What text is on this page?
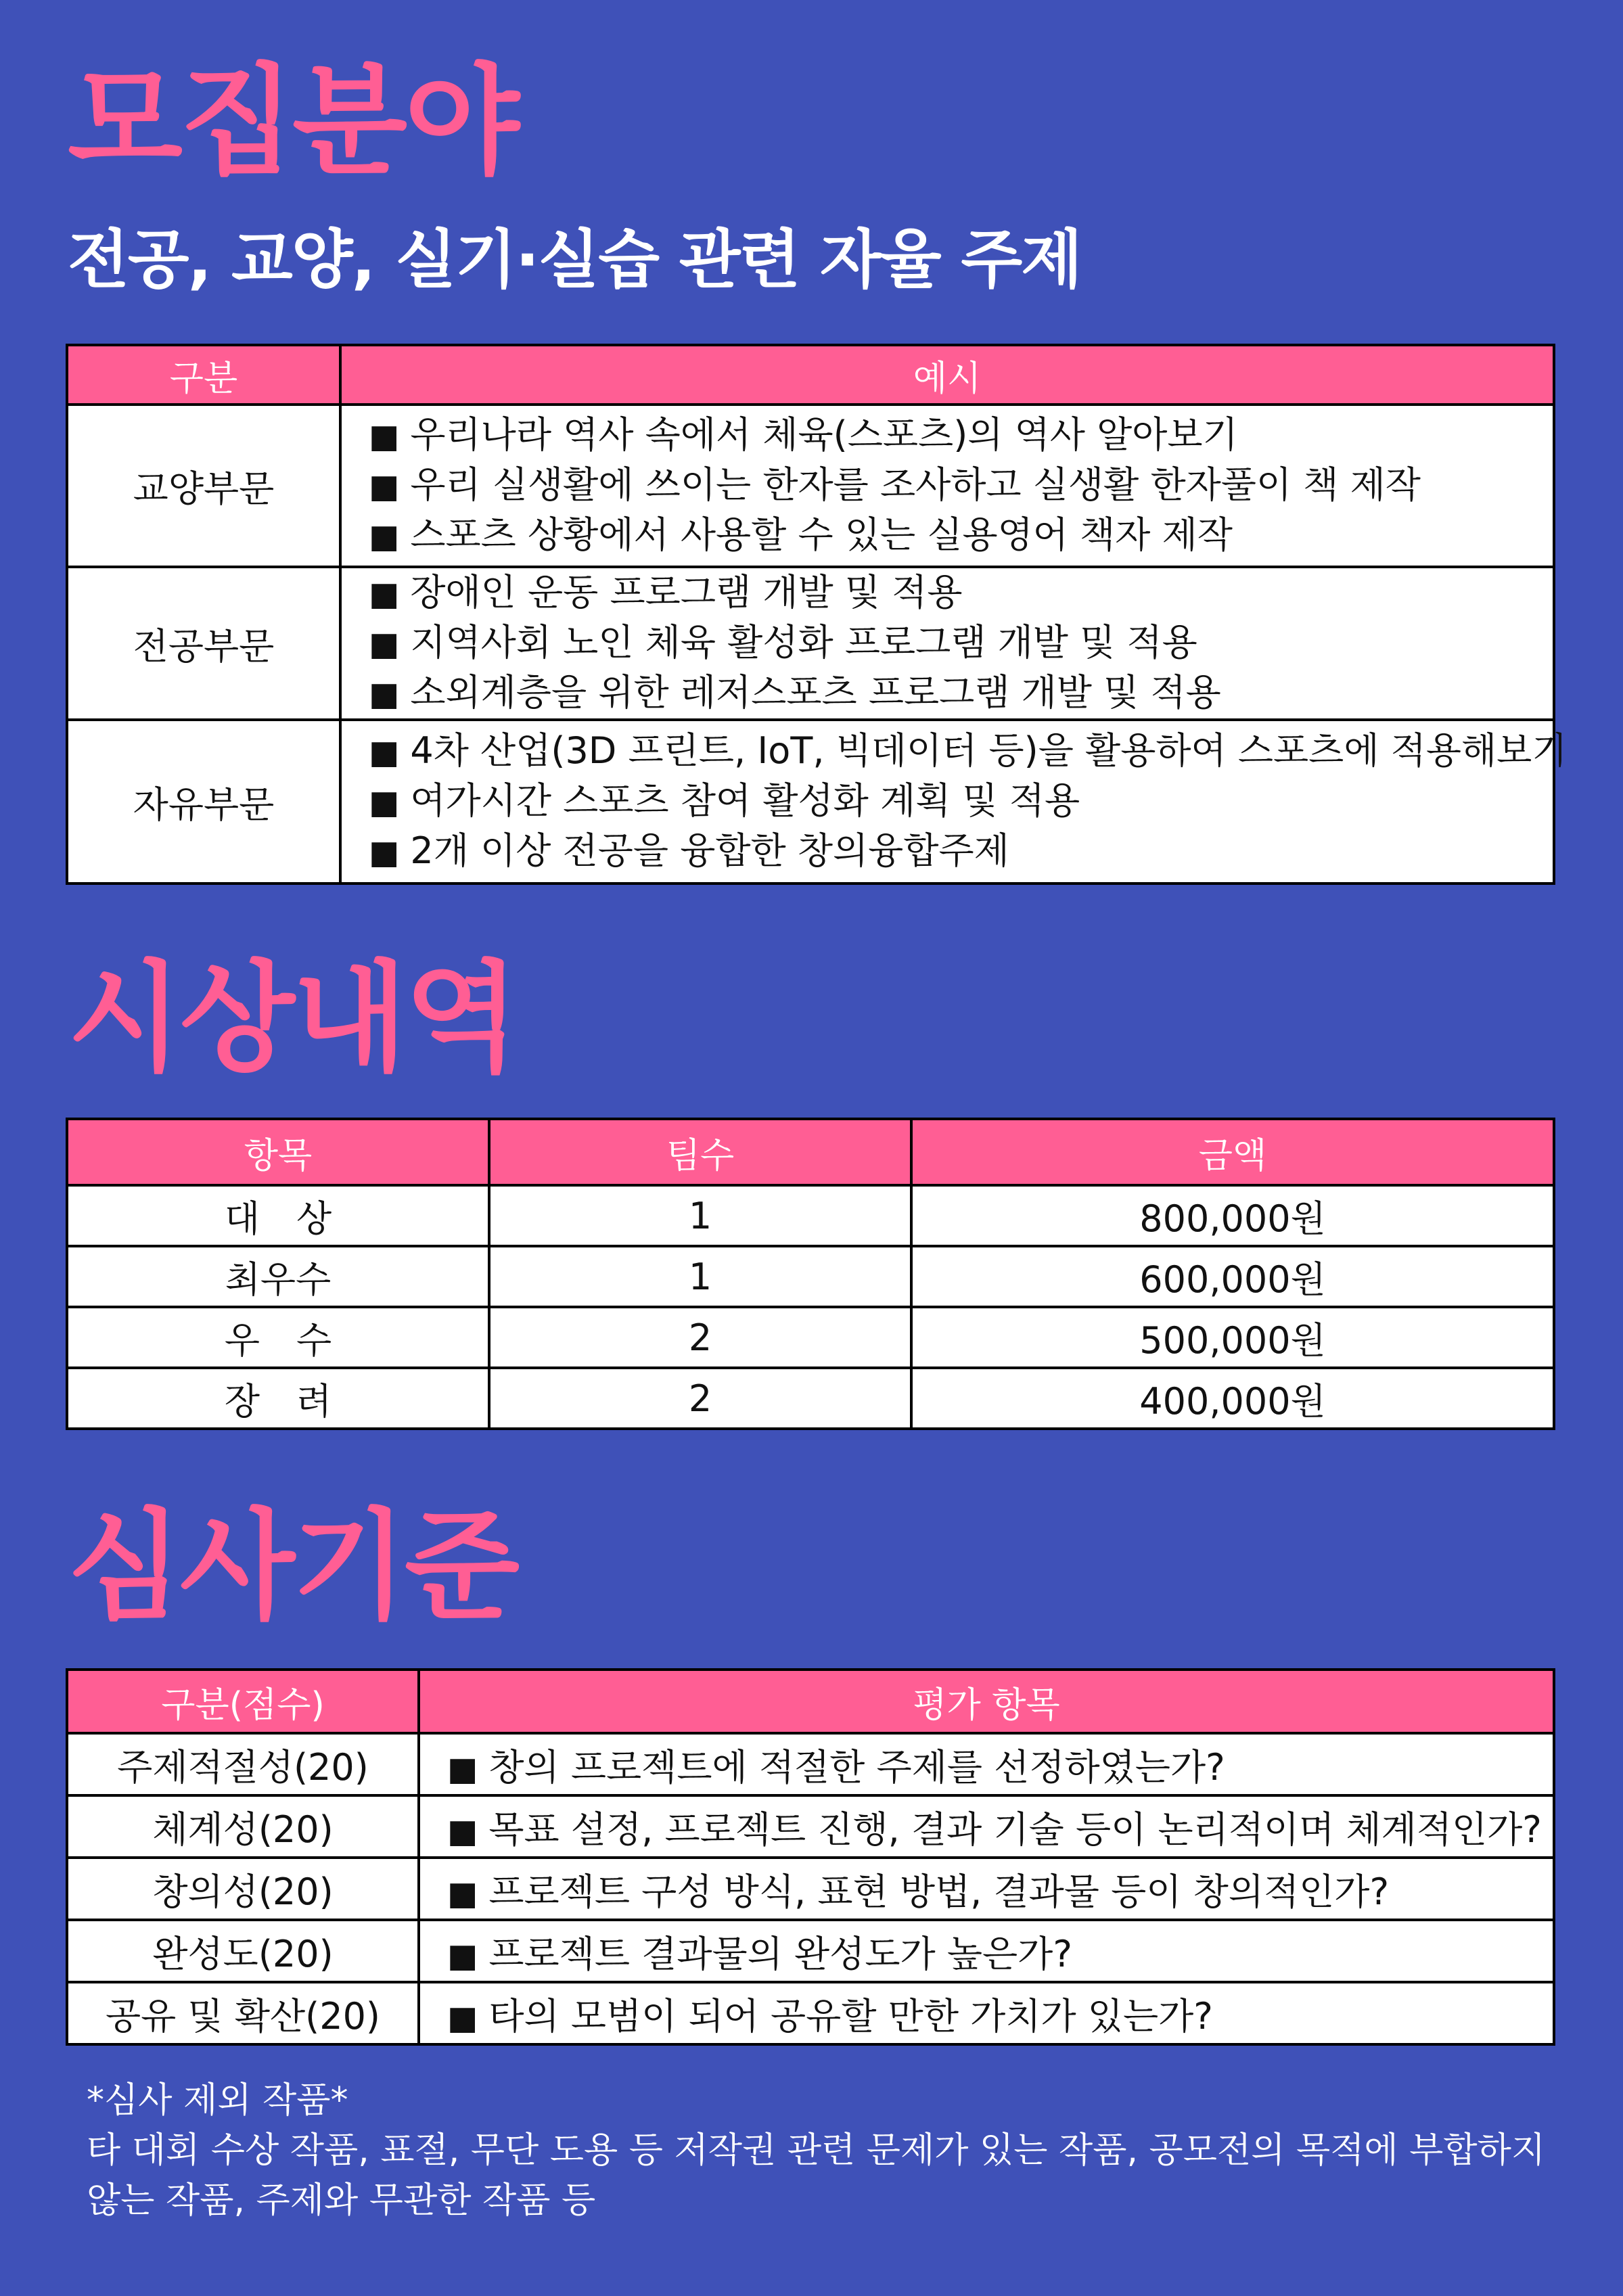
모집분야
전공, 교양, 실기·실습 관련 자율 주제
구분	예시
교양부문	■ 우리나라 역사 속에서 체육(스포츠)의 역사 알아보기
■ 우리 실생활에 쓰이는 한자를 조사하고 실생활 한자풀이 책 제작
■ 스포츠 상황에서 사용할 수 있는 실용영어 책자 제작

전공부문	■ 장애인 운동 프로그램 개발 및 적용
■ 지역사회 노인 체육 활성화 프로그램 개발 및 적용
■ 소외계층을 위한 레저스포츠 프로그램 개발 및 적용

자유부문	■ 4차 산업(3D 프린트, IoT, 빅데이터 등)을 활용하여 스포츠에 적용해보기
■ 여가시간 스포츠 참여 활성화 계획 및 적용
■ 2개 이상 전공을 융합한 창의융합주제
시상내역
항목	팀수	금액
대　상	1	800,000원
최우수	1	600,000원
우　수	2	500,000원
장　려	2	400,000원
심사기준
구분(점수)	평가 항목
주제적절성(20)	■ 창의 프로젝트에 적절한 주제를 선정하였는가?
체계성(20)	■ 목표 설정, 프로젝트 진행, 결과 기술 등이 논리적이며 체계적인가?
창의성(20)	■ 프로젝트 구성 방식, 표현 방법, 결과물 등이 창의적인가?
완성도(20)	■ 프로젝트 결과물의 완성도가 높은가?
공유 및 확산(20)	■ 타의 모범이 되어 공유할 만한 가치가 있는가?
*심사 제외 작품*
타 대회 수상 작품, 표절, 무단 도용 등 저작권 관련 문제가 있는 작품, 공모전의 목적에 부합하지
않는 작품, 주제와 무관한 작품 등
